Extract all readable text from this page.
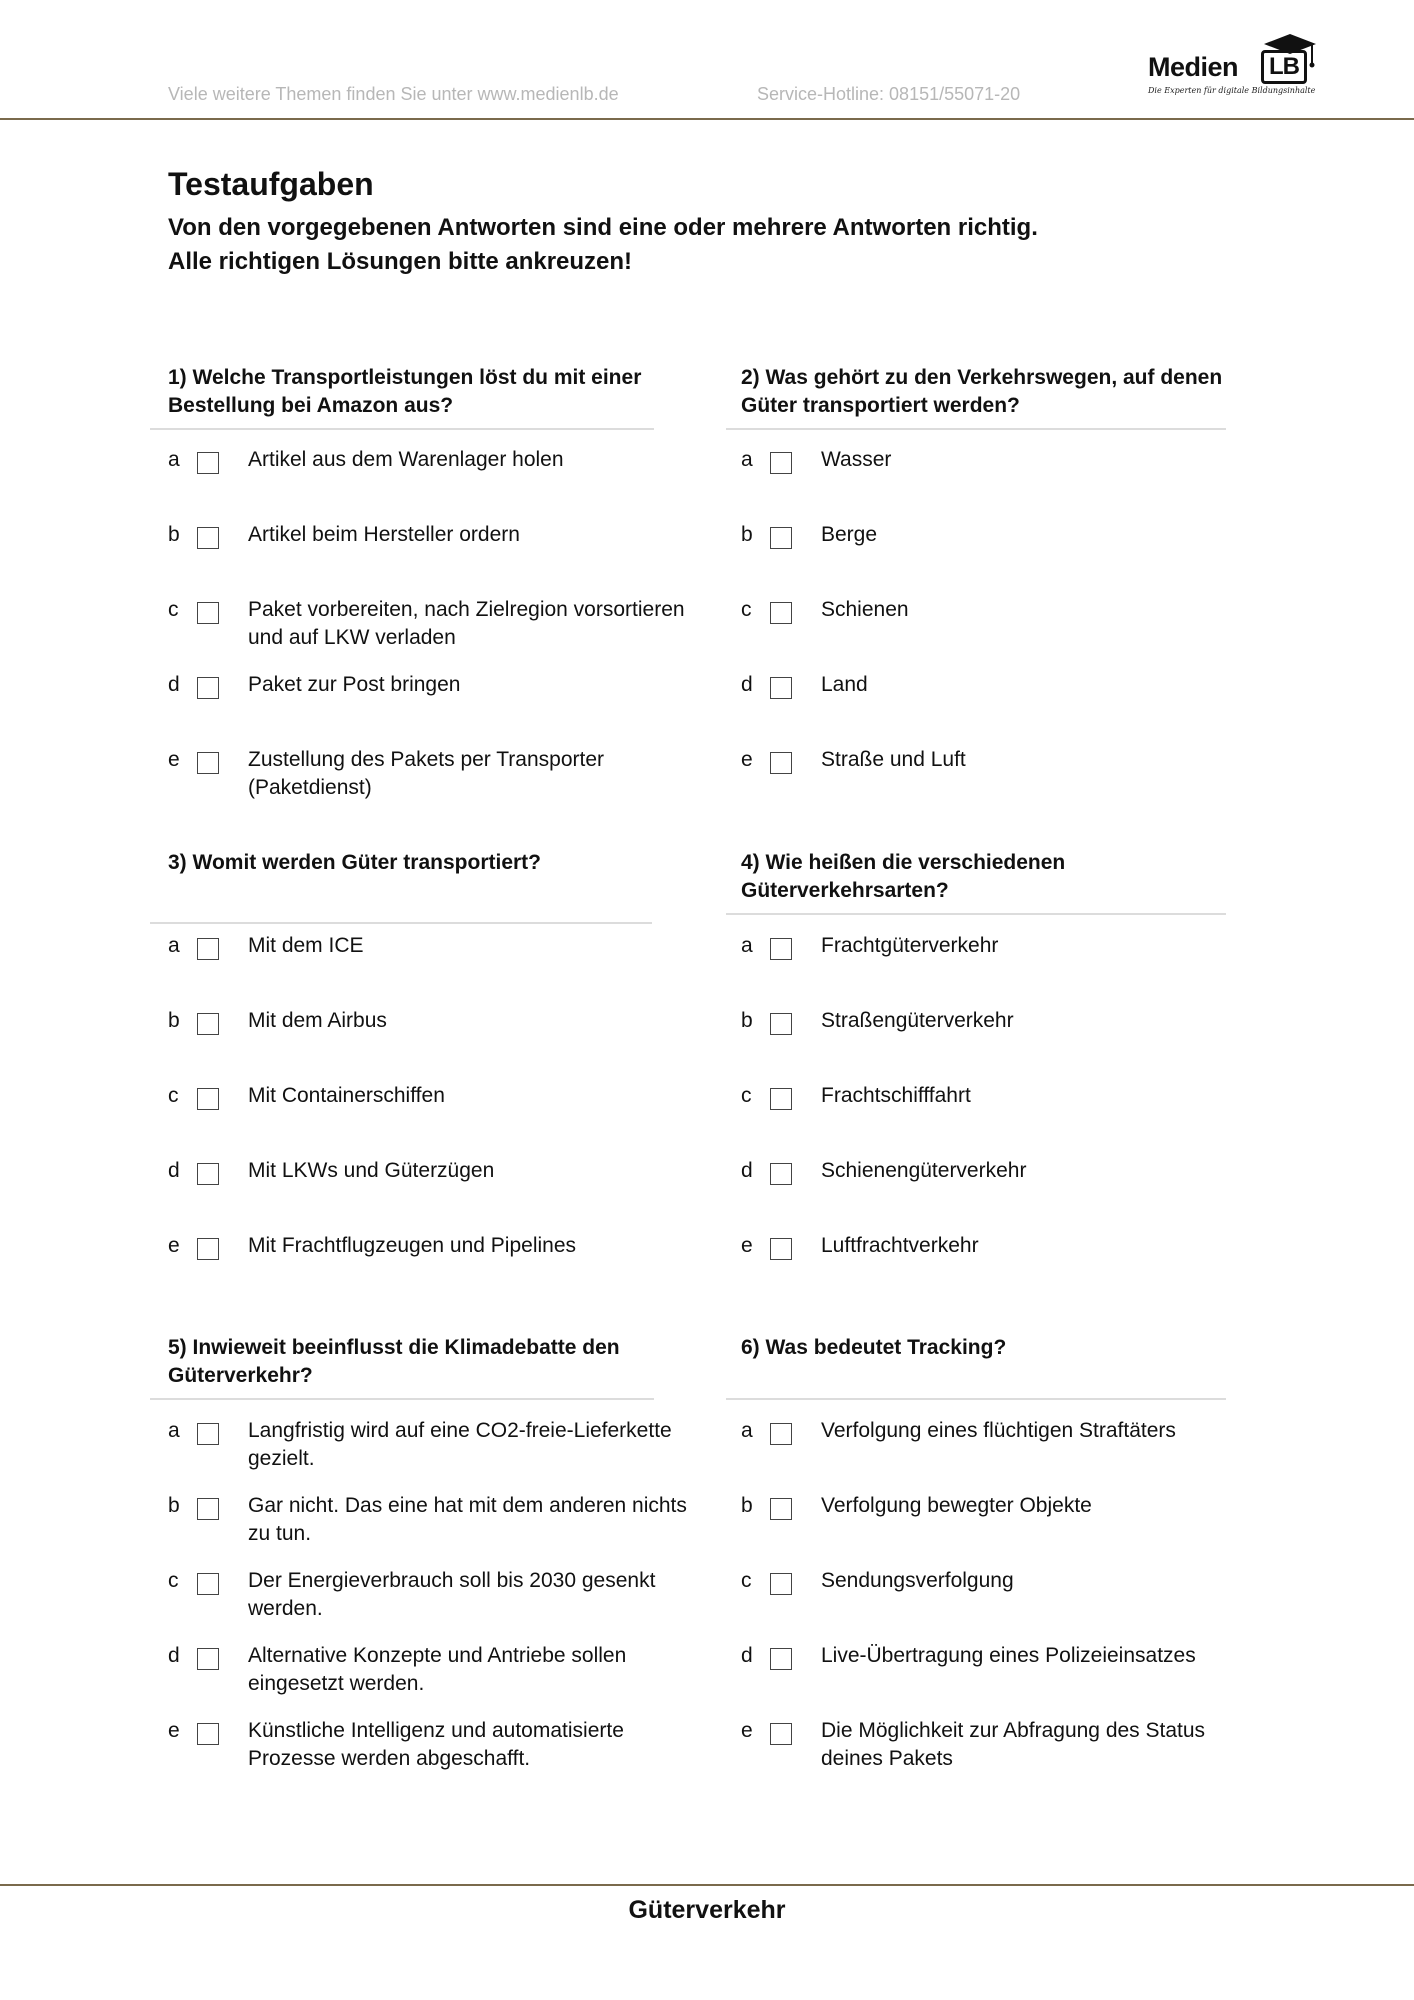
Viele weitere Themen finden Sie unter www.medienlb.de	Service-Hotline: 08151/55071-20
Medien	LB
Die Experten für digitale Bildungsinhalte
Testaufgaben
Von den vorgegebenen Antworten sind eine oder mehrere Antworten richtig.
Alle richtigen Lösungen bitte ankreuzen!
1) Welche Transportleistungen löst du mit einer Bestellung bei Amazon aus?
a	Artikel aus dem Warenlager holen
b	Artikel beim Hersteller ordern
c	Paket vorbereiten, nach Zielregion vorsortieren und auf LKW verladen
d	Paket zur Post bringen
e	Zustellung des Pakets per Transporter (Paketdienst)
2) Was gehört zu den Verkehrswegen, auf denen Güter transportiert werden?
a	Wasser
b	Berge
c	Schienen
d	Land
e	Straße und Luft
3) Womit werden Güter transportiert?
a	Mit dem ICE
b	Mit dem Airbus
c	Mit Containerschiffen
d	Mit LKWs und Güterzügen
e	Mit Frachtflugzeugen und Pipelines
4) Wie heißen die verschiedenen Güterverkehrsarten?
a	Frachtgüterverkehr
b	Straßengüterverkehr
c	Frachtschifffahrt
d	Schienengüterverkehr
e	Luftfrachtverkehr
5) Inwieweit beeinflusst die Klimadebatte den Güterverkehr?
a	Langfristig wird auf eine CO2-freie-Lieferkette gezielt.
b	Gar nicht. Das eine hat mit dem anderen nichts zu tun.
c	Der Energieverbrauch soll bis 2030 gesenkt werden.
d	Alternative Konzepte und Antriebe sollen eingesetzt werden.
e	Künstliche Intelligenz und automatisierte Prozesse werden abgeschafft.
6) Was bedeutet Tracking?
a	Verfolgung eines flüchtigen Straftäters
b	Verfolgung bewegter Objekte
c	Sendungsverfolgung
d	Live-Übertragung eines Polizeieinsatzes
e	Die Möglichkeit zur Abfragung des Status deines Pakets
Güterverkehr
